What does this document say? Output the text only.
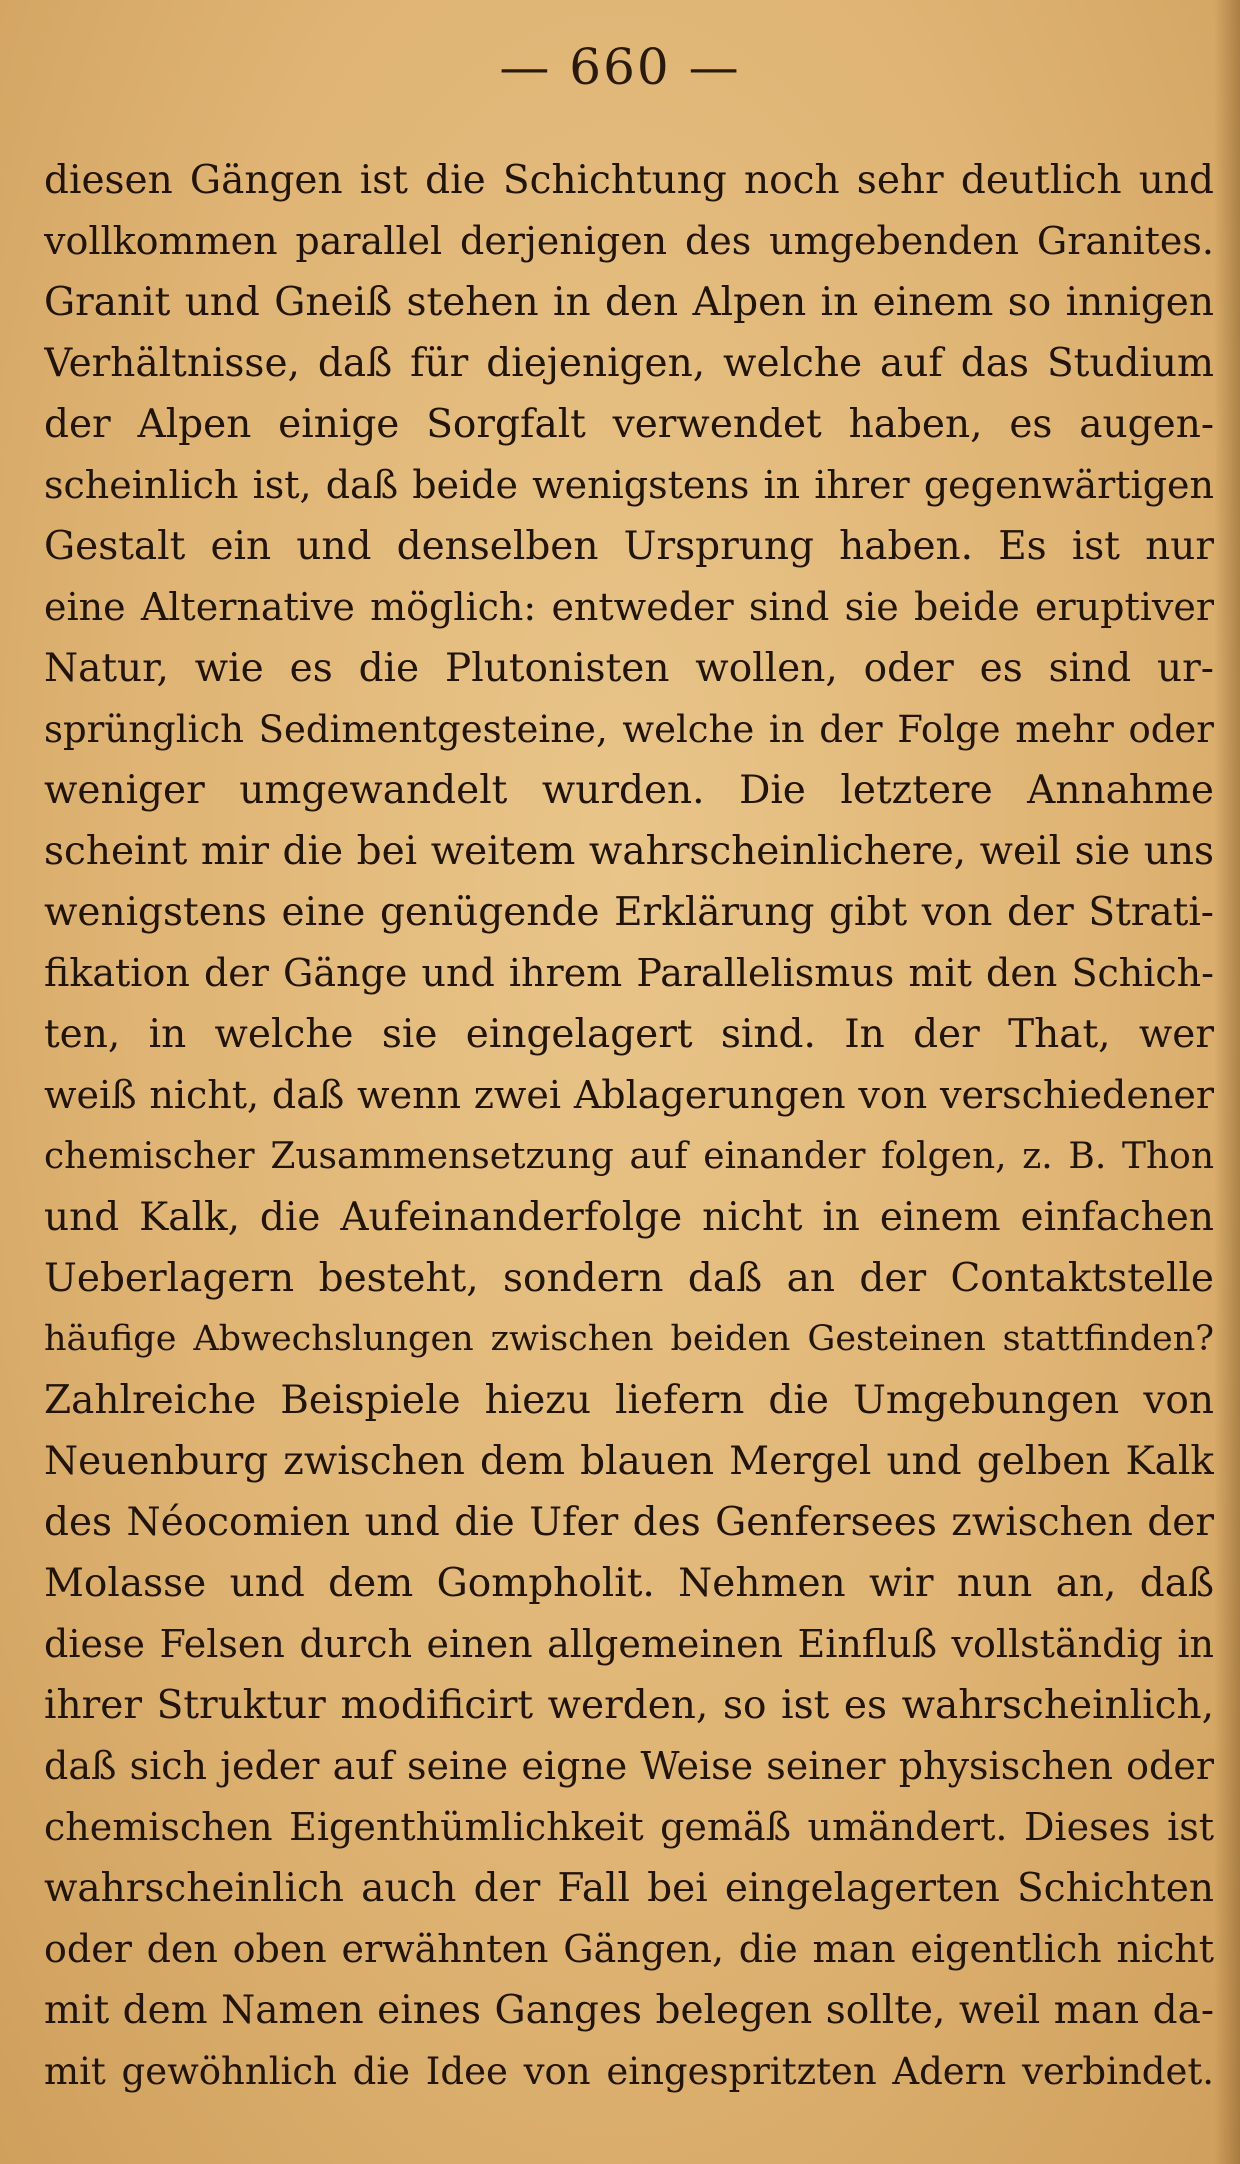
— 660 —
diesen Gängen ist die Schichtung noch sehr deutlich und
vollkommen parallel derjenigen des umgebenden Granites.
Granit und Gneiß stehen in den Alpen in einem so innigen
Verhältnisse, daß für diejenigen, welche auf das Studium
der Alpen einige Sorgfalt verwendet haben, es augen-
scheinlich ist, daß beide wenigstens in ihrer gegenwärtigen
Gestalt ein und denselben Ursprung haben. Es ist nur
eine Alternative möglich: entweder sind sie beide eruptiver
Natur, wie es die Plutonisten wollen, oder es sind ur-
sprünglich Sedimentgesteine, welche in der Folge mehr oder
weniger umgewandelt wurden. Die letztere Annahme
scheint mir die bei weitem wahrscheinlichere, weil sie uns
wenigstens eine genügende Erklärung gibt von der Strati-
fikation der Gänge und ihrem Parallelismus mit den Schich-
ten, in welche sie eingelagert sind. In der That, wer
weiß nicht, daß wenn zwei Ablagerungen von verschiedener
chemischer Zusammensetzung auf einander folgen, z. B. Thon
und Kalk, die Aufeinanderfolge nicht in einem einfachen
Ueberlagern besteht, sondern daß an der Contaktstelle
häufige Abwechslungen zwischen beiden Gesteinen stattfinden?
Zahlreiche Beispiele hiezu liefern die Umgebungen von
Neuenburg zwischen dem blauen Mergel und gelben Kalk
des Néocomien und die Ufer des Genfersees zwischen der
Molasse und dem Gompholit. Nehmen wir nun an, daß
diese Felsen durch einen allgemeinen Einfluß vollständig in
ihrer Struktur modificirt werden, so ist es wahrscheinlich,
daß sich jeder auf seine eigne Weise seiner physischen oder
chemischen Eigenthümlichkeit gemäß umändert. Dieses ist
wahrscheinlich auch der Fall bei eingelagerten Schichten
oder den oben erwähnten Gängen, die man eigentlich nicht
mit dem Namen eines Ganges belegen sollte, weil man da-
mit gewöhnlich die Idee von eingespritzten Adern verbindet.
